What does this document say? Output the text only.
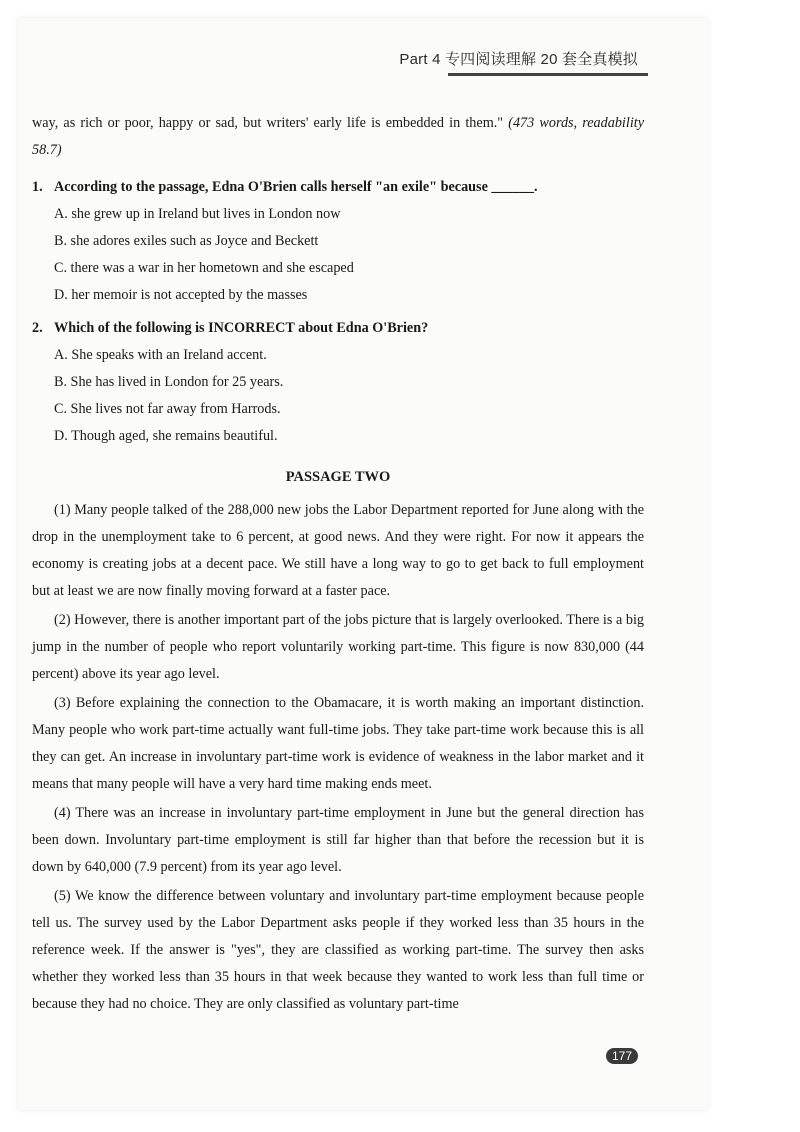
Part 4 专四阅读理解 20 套全真模拟

way, as rich or poor, happy or sad, but writers' early life is embedded in them." (473 words, readability 58.7)

1. According to the passage, Edna O'Brien calls herself "an exile" because ______.

A. she grew up in Ireland but lives in London now

B. she adores exiles such as Joyce and Beckett

C. there was a war in her hometown and she escaped

D. her memoir is not accepted by the masses

2. Which of the following is INCORRECT about Edna O'Brien?

A. She speaks with an Ireland accent.

B. She has lived in London for 25 years.

C. She lives not far away from Harrods.

D. Though aged, she remains beautiful.

PASSAGE TWO

(1) Many people talked of the 288,000 new jobs the Labor Department reported for June along with the drop in the unemployment take to 6 percent, at good news. And they were right. For now it appears the economy is creating jobs at a decent pace. We still have a long way to go to get back to full employment but at least we are now finally moving forward at a faster pace.

(2) However, there is another important part of the jobs picture that is largely overlooked. There is a big jump in the number of people who report voluntarily working part-time. This figure is now 830,000 (44 percent) above its year ago level.

(3) Before explaining the connection to the Obamacare, it is worth making an important distinction. Many people who work part-time actually want full-time jobs. They take part-time work because this is all they can get. An increase in involuntary part-time work is evidence of weakness in the labor market and it means that many people will have a very hard time making ends meet.

(4) There was an increase in involuntary part-time employment in June but the general direction has been down. Involuntary part-time employment is still far higher than that before the recession but it is down by 640,000 (7.9 percent) from its year ago level.

(5) We know the difference between voluntary and involuntary part-time employment because people tell us. The survey used by the Labor Department asks people if they worked less than 35 hours in the reference week. If the answer is "yes", they are classified as working part-time. The survey then asks whether they worked less than 35 hours in that week because they wanted to work less than full time or because they had no choice. They are only classified as voluntary part-time

177
